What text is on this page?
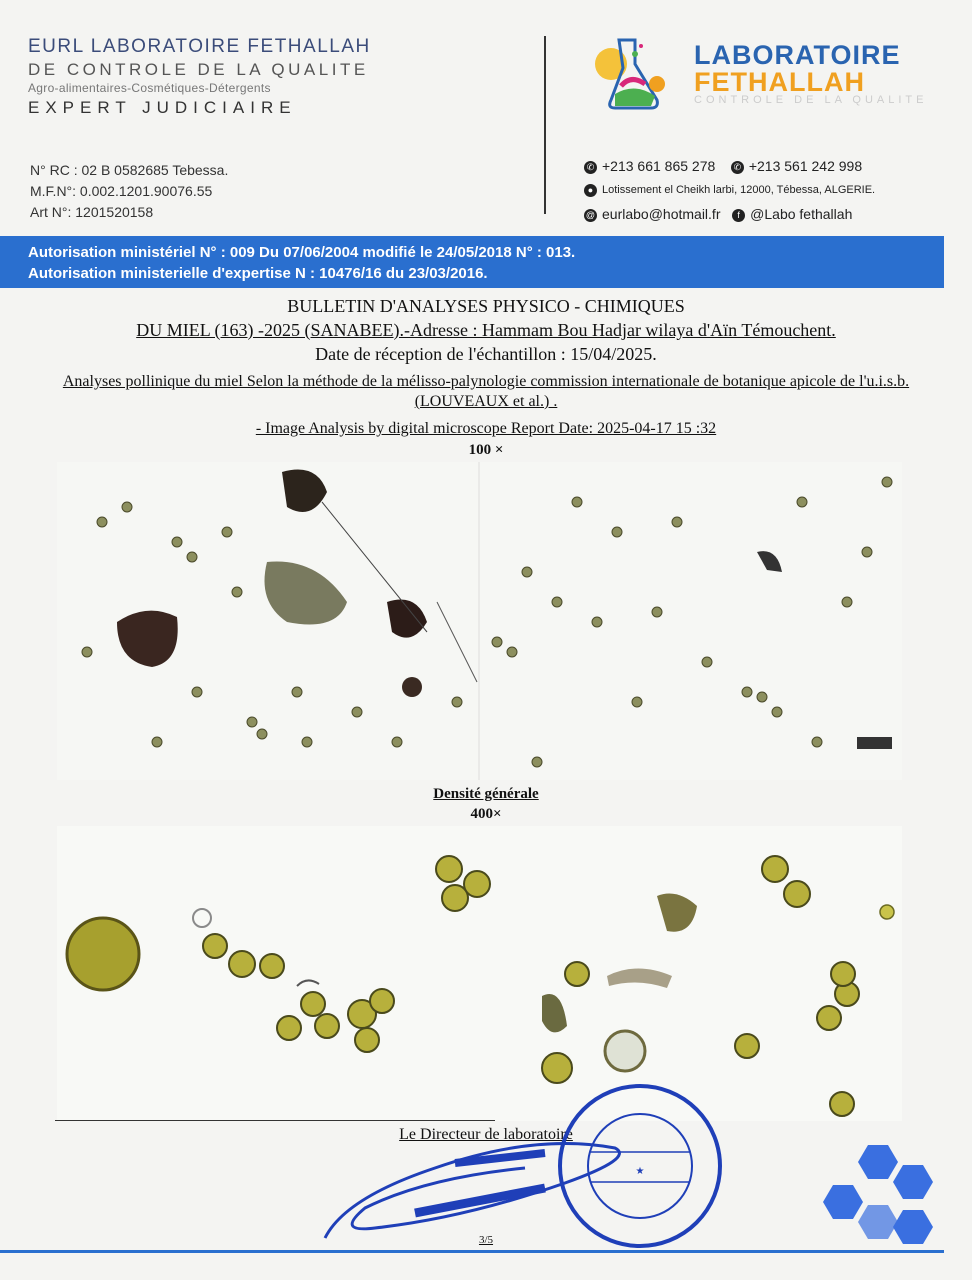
EURL LABORATOIRE FETHALLAH
DE CONTROLE DE LA QUALITE
Agro-alimentaires-Cosmétiques-Détergents
EXPERT JUDICIAIRE
N° RC : 02 B 0582685 Tebessa.
M.F.N°: 0.002.1201.90076.55
Art N°: 1201520158
LABORATOIRE
FETHALLAH
CONTROLE DE LA QUALITE
✆ +213 661 865 278 ✆ +213 561 242 998
● Lotissement el Cheikh larbi, 12000, Tébessa, ALGERIE.
@ eurlabo@hotmail.fr f @Labo fethallah
Autorisation ministériel N° : 009 Du 07/06/2004 modifié le 24/05/2018 N° : 013.
Autorisation ministerielle d'expertise N : 10476/16 du 23/03/2016.
BULLETIN D'ANALYSES PHYSICO - CHIMIQUES
DU MIEL (163) -2025 (SANABEE).-Adresse : Hammam Bou Hadjar wilaya d'Aïn Témouchent.
Date de réception de l'échantillon : 15/04/2025.
Analyses pollinique du miel Selon la méthode de la mélisso-palynologie commission internationale de botanique apicole de l'u.i.s.b. (LOUVEAUX et al.) .
- Image Analysis by digital microscope Report Date: 2025-04-17 15 :32
100 ×
Densité générale
400×
Le Directeur de laboratoire
★
3/5
